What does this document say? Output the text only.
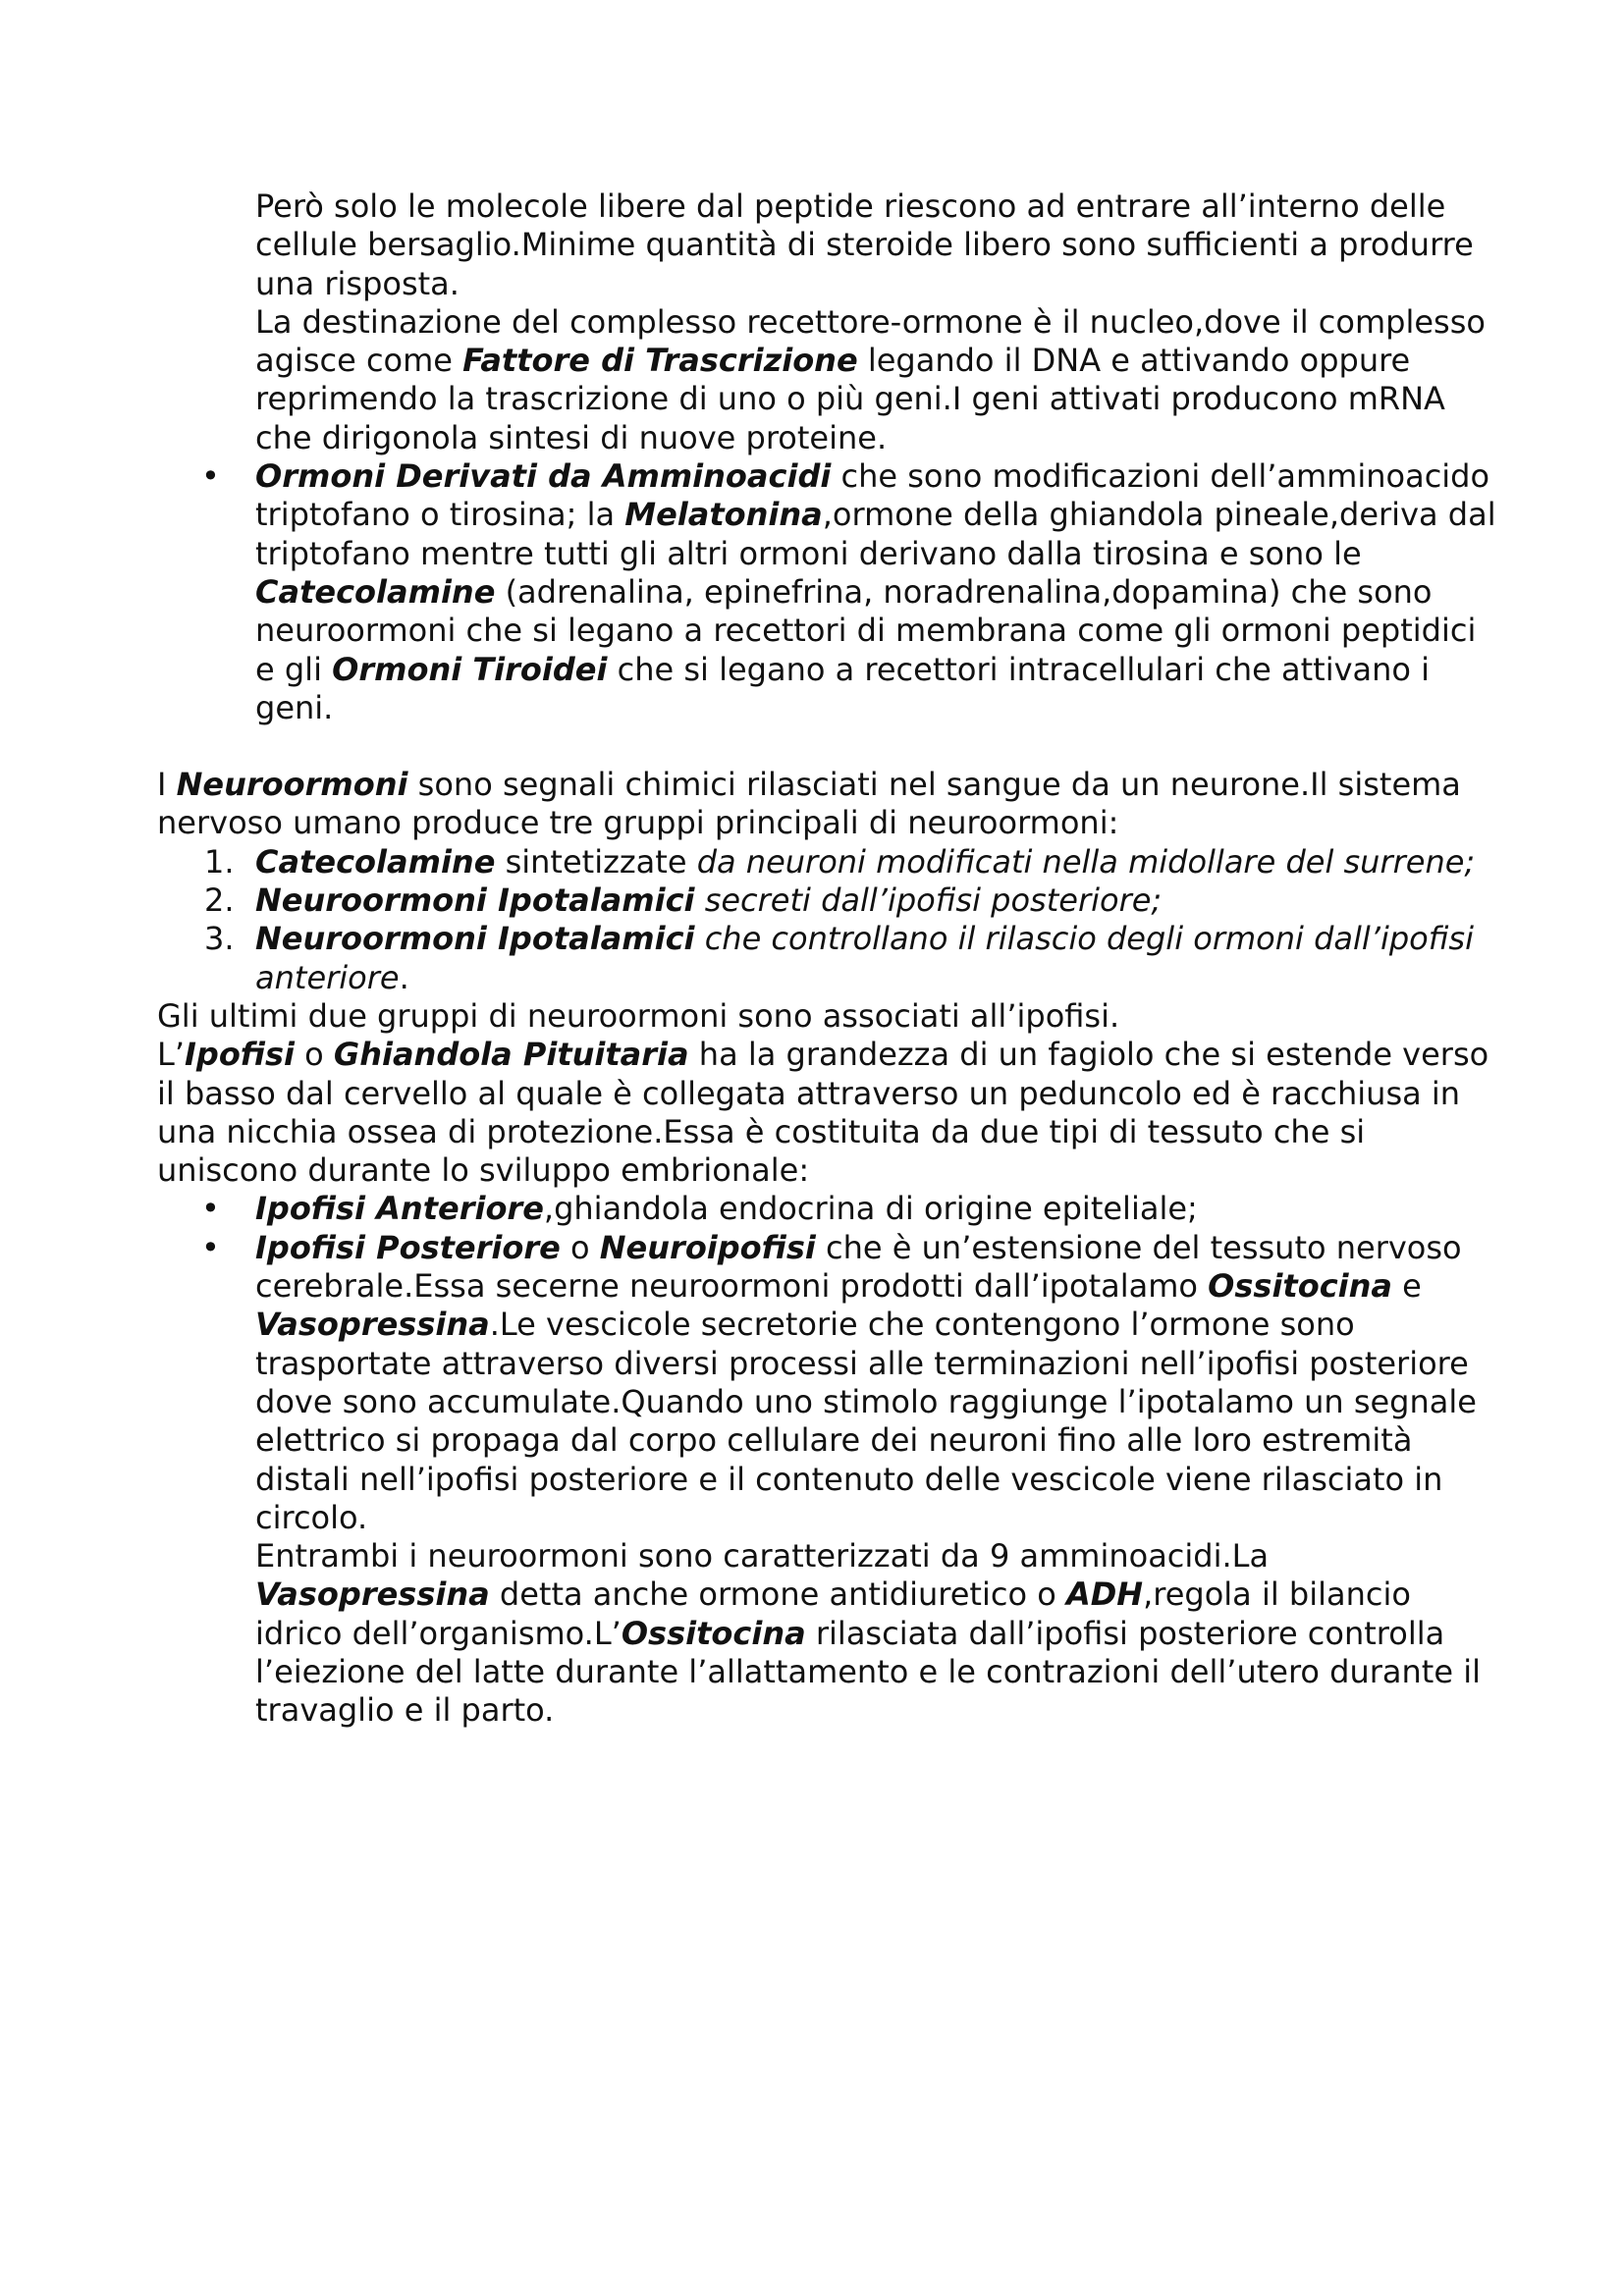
Però solo le molecole libere dal peptide riescono ad entrare all’interno delle cellule bersaglio.Minime quantità di steroide libero sono sufficienti a produrre una risposta.

La destinazione del complesso recettore-ormone è il nucleo,dove il complesso agisce come Fattore di Trascrizione legando il DNA e attivando oppure reprimendo la trascrizione di uno o più geni.I geni attivati producono mRNA che dirigonola sintesi di nuove proteine.

• Ormoni Derivati da Amminoacidi che sono modificazioni dell’amminoacido triptofano o tirosina; la Melatonina,ormone della ghiandola pineale,deriva dal triptofano mentre tutti gli altri ormoni derivano dalla tirosina e sono le Catecolamine (adrenalina, epinefrina, noradrenalina,dopamina) che sono neuroormoni che si legano a recettori di membrana come gli ormoni peptidici e gli Ormoni Tiroidei che si legano a recettori intracellulari che attivano i geni.

I Neuroormoni sono segnali chimici rilasciati nel sangue da un neurone.Il sistema nervoso umano produce tre gruppi principali di neuroormoni:

1. Catecolamine sintetizzate da neuroni modificati nella midollare del surrene;
2. Neuroormoni Ipotalamici secreti dall’ipofisi posteriore;
3. Neuroormoni Ipotalamici che controllano il rilascio degli ormoni dall’ipofisi anteriore.

Gli ultimi due gruppi di neuroormoni sono associati all’ipofisi.

L’Ipofisi o Ghiandola Pituitaria ha la grandezza di un fagiolo che si estende verso il basso dal cervello al quale è collegata attraverso un peduncolo ed è racchiusa in una nicchia ossea di protezione.Essa è costituita da due tipi di tessuto che si uniscono durante lo sviluppo embrionale:

• Ipofisi Anteriore,ghiandola endocrina di origine epiteliale;
• Ipofisi Posteriore o Neuroipofisi che è un’estensione del tessuto nervoso cerebrale.Essa secerne neuroormoni prodotti dall’ipotalamo Ossitocina e Vasopressina.Le vescicole secretorie che contengono l’ormone sono trasportate attraverso diversi processi alle terminazioni nell’ipofisi posteriore dove sono accumulate.Quando uno stimolo raggiunge l’ipotalamo un segnale elettrico si propaga dal corpo cellulare dei neuroni fino alle loro estremità distali nell’ipofisi posteriore e il contenuto delle vescicole viene rilasciato in
circolo.

Entrambi i neuroormoni sono caratterizzati da 9 amminoacidi.La Vasopressina detta anche ormone antidiuretico o ADH,regola il bilancio idrico dell’organismo.L’Ossitocina rilasciata dall’ipofisi posteriore controlla l’eiezione del latte durante l’allattamento e le contrazioni dell’utero durante il travaglio e il parto.
